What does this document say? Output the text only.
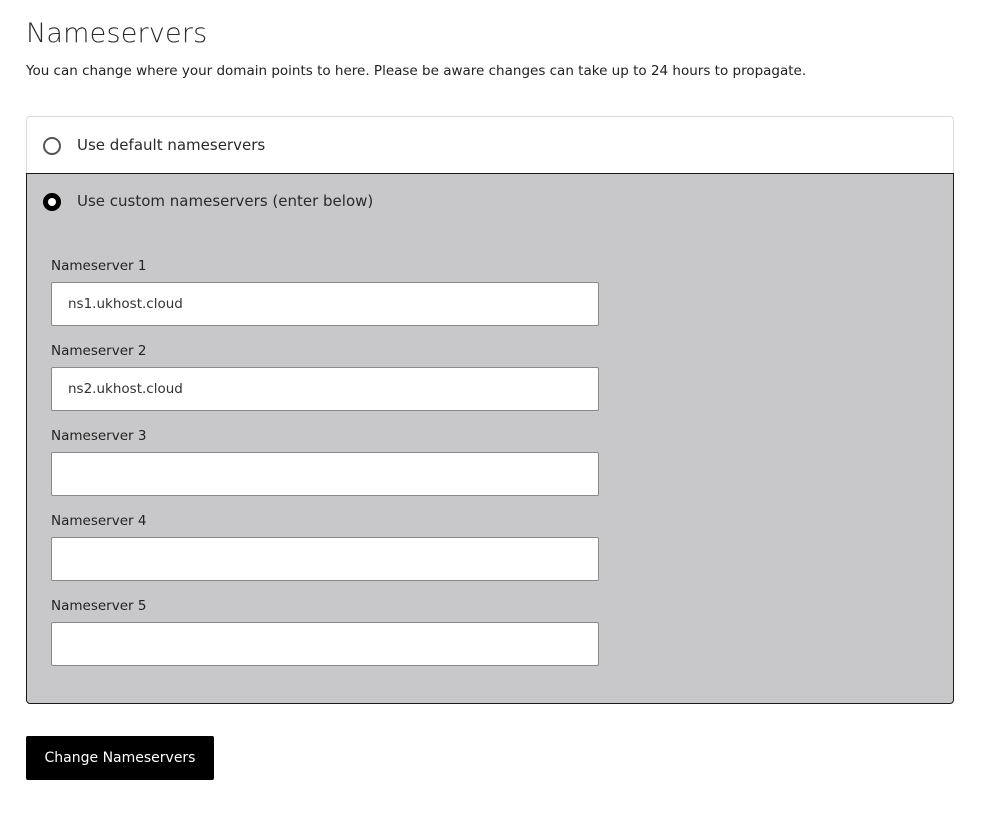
Nameservers

You can change where your domain points to here. Please be aware changes can take up to 24 hours to propagate.

Use default nameservers
Use custom nameservers (enter below)
Nameserver 1
ns1.ukhost.cloud
Nameserver 2
ns2.ukhost.cloud
Nameserver 3
Nameserver 4
Nameserver 5
Change Nameservers
